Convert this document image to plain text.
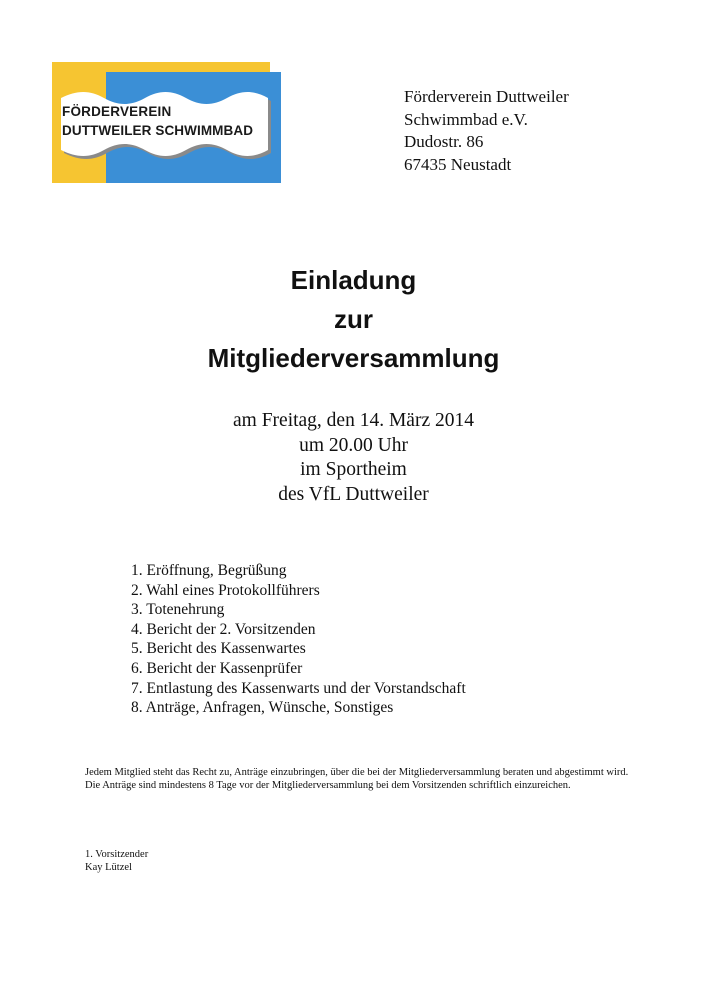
FÖRDERVEREIN
DUTTWEILER SCHWIMMBAD
Förderverein Duttweiler
Schwimmbad e.V.
Dudostr. 86
67435 Neustadt
Einladung
zur
Mitgliederversammlung
am Freitag, den 14. März 2014
um 20.00 Uhr
im Sportheim
des VfL Duttweiler
1. Eröffnung, Begrüßung
2. Wahl eines Protokollführers
3. Totenehrung
4. Bericht der 2. Vorsitzenden
5. Bericht des Kassenwartes
6. Bericht der Kassenprüfer
7. Entlastung des Kassenwarts und der Vorstandschaft
8. Anträge, Anfragen, Wünsche, Sonstiges

Jedem Mitglied steht das Recht zu, Anträge einzubringen, über die bei der Mitgliederversammlung beraten und abgestimmt wird. Die Anträge sind mindestens 8 Tage vor der Mitgliederversammlung bei dem Vorsitzenden schriftlich einzureichen.

1. Vorsitzender
Kay Lützel
